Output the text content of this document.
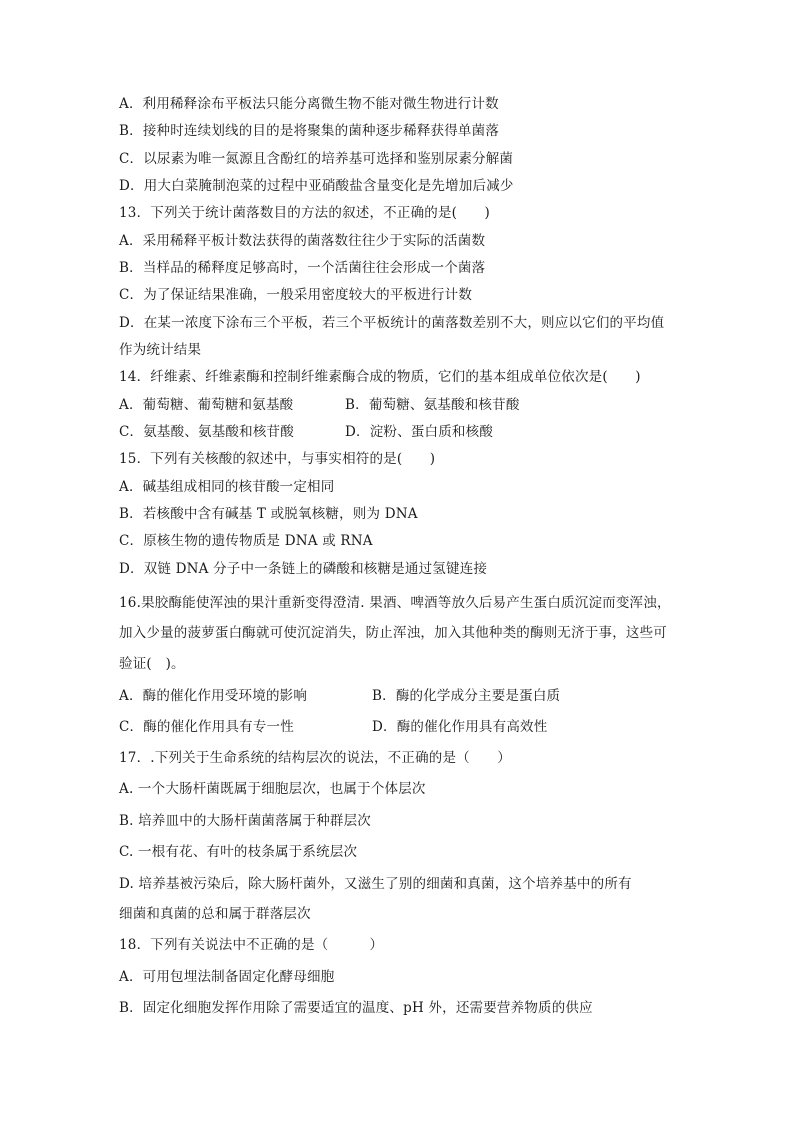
A．利用稀释涂布平板法只能分离微生物不能对微生物进行计数
B．接种时连续划线的目的是将聚集的菌种逐步稀释获得单菌落
C．以尿素为唯一氮源且含酚红的培养基可选择和鉴别尿素分解菌
D．用大白菜腌制泡菜的过程中亚硝酸盐含量变化是先增加后减少
13．下列关于统计菌落数目的方法的叙述，不正确的是(　　)
A．采用稀释平板计数法获得的菌落数往往少于实际的活菌数
B．当样品的稀释度足够高时，一个活菌往往会形成一个菌落
C．为了保证结果准确，一般采用密度较大的平板进行计数
D．在某一浓度下涂布三个平板，若三个平板统计的菌落数差别不大，则应以它们的平均值
作为统计结果
14．纤维素、纤维素酶和控制纤维素酶合成的物质，它们的基本组成单位依次是(　　)
A．葡萄糖、葡萄糖和氨基酸	B．葡萄糖、氨基酸和核苷酸
C．氨基酸、氨基酸和核苷酸	D．淀粉、蛋白质和核酸
15．下列有关核酸的叙述中，与事实相符的是(　　)
A．碱基组成相同的核苷酸一定相同
B．若核酸中含有碱基 T 或脱氧核糖，则为 DNA
C．原核生物的遗传物质是 DNA 或 RNA
D．双链 DNA 分子中一条链上的磷酸和核糖是通过氢键连接
16.果胶酶能使浑浊的果汁重新变得澄清. 果酒、啤酒等放久后易产生蛋白质沉淀而变浑浊，
加入少量的菠萝蛋白酶就可使沉淀消失，防止浑浊，加入其他种类的酶则无济于事，这些可
验证(　)。
A．酶的催化作用受环境的影响	B．酶的化学成分主要是蛋白质
C．酶的催化作用具有专一性	D．酶的催化作用具有高效性
17．.下列关于生命系统的结构层次的说法，不正确的是（　　）
A. 一个大肠杆菌既属于细胞层次，也属于个体层次
B. 培养皿中的大肠杆菌菌落属于种群层次
C. 一根有花、有叶的枝条属于系统层次
D. 培养基被污染后，除大肠杆菌外，又滋生了别的细菌和真菌，这个培养基中的所有
细菌和真菌的总和属于群落层次
18．下列有关说法中不正确的是（　　　）
A．可用包埋法制备固定化酵母细胞
B．固定化细胞发挥作用除了需要适宜的温度、pH 外，还需要营养物质的供应
